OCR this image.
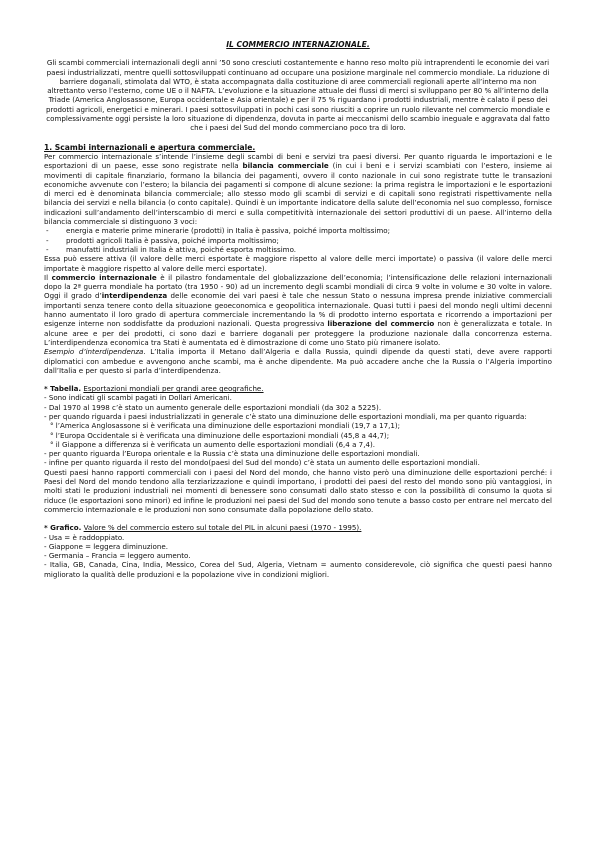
IL COMMERCIO INTERNAZIONALE.
Gli scambi commerciali internazionali degli anni ’50 sono cresciuti costantemente e hanno reso molto più intraprendenti le economie dei vari paesi industrializzati, mentre quelli sottosviluppati continuano ad occupare una posizione marginale nel commercio mondiale. La riduzione di barriere doganali, stimolata dal WTO, è stata accompagnata dalla costituzione di aree commerciali regionali aperte all’interno ma non altrettanto verso l’esterno, come UE o il NAFTA. L’evoluzione e la situazione attuale dei flussi di merci si sviluppano per 80 % all’interno della Triade (America Anglosassone, Europa occidentale e Asia orientale) e per il 75 % riguardano i prodotti industriali, mentre è calato il peso dei prodotti agricoli, energetici e minerari. I paesi sottosviluppati in pochi casi sono riusciti a coprire un ruolo rilevante nel commercio mondiale e complessivamente oggi persiste la loro situazione di dipendenza, dovuta in parte ai meccanismi dello scambio ineguale e aggravata dal fatto che i paesi del Sud del mondo commerciano poco tra di loro.
1. Scambi internazionali e apertura commerciale.
Per commercio internazionale s’intende l’insieme degli scambi di beni e servizi tra paesi diversi. Per quanto riguarda le importazioni e le esportazioni di un paese, esse sono registrate nella bilancia commerciale (in cui i beni e i servizi scambiati con l’estero, insieme ai movimenti di capitale finanziario, formano la bilancia dei pagamenti, ovvero il conto nazionale in cui sono registrate tutte le transazioni economiche avvenute con l’estero; la bilancia dei pagamenti si compone di alcune sezione: la prima registra le importazioni e le esportazioni di merci ed è denominata bilancia commerciale; allo stesso modo gli scambi di servizi e di capitali sono registrati rispettivamente nella bilancia dei servizi e nella bilancia (o conto capitale). Quindi è un importante indicatore della salute dell’economia nel suo complesso, fornisce indicazioni sull’andamento dell’interscambio di merci e sulla competitività internazionale dei settori produttivi di un paese. All’interno della bilancia commerciale si distinguono 3 voci:
- energia e materie prime minerarie (prodotti) in Italia è passiva, poiché importa moltissimo;
- prodotti agricoli Italia è passiva, poiché importa moltissimo;
- manufatti industriali in Italia è attiva, poiché esporta moltissimo.
Essa può essere attiva (il valore delle merci esportate è maggiore rispetto al valore delle merci importate) o passiva (il valore delle merci importate è maggiore rispetto al valore delle merci esportate).
Il commercio internazionale è il pilastro fondamentale del globalizzazione dell’economia; l’intensificazione delle relazioni internazionali dopo la 2ª guerra mondiale ha portato (tra 1950 - 90) ad un incremento degli scambi mondiali di circa 9 volte in volume e 30 volte in valore. Oggi il grado d’interdipendenza delle economie dei vari paesi è tale che nessun Stato o nessuna impresa prende iniziative commerciali importanti senza tenere conto della situazione geoeconomica e geopolitica internazionale. Quasi tutti i paesi del mondo negli ultimi decenni hanno aumentato il loro grado di apertura commerciale incrementando la % di prodotto interno esportata e ricorrendo a importazioni per esigenze interne non soddisfatte da produzioni nazionali. Questa progressiva liberazione del commercio non è generalizzata e totale. In alcune aree e per dei prodotti, ci sono dazi e barriere doganali per proteggere la produzione nazionale dalla concorrenza esterna. L’interdipendenza economica tra Stati è aumentata ed è dimostrazione di come uno Stato più rimanere isolato.
Esempio d’interdipendenza. L’Italia importa il Metano dall’Algeria e dalla Russia, quindi dipende da questi stati, deve avere rapporti diplomatici con ambedue e avvengono anche scambi, ma è anche dipendente. Ma può accadere anche che la Russia o l’Algeria importino dall’Italia e per questo si parla d’interdipendenza.
* Tabella. Esportazioni mondiali per grandi aree geografiche.
- Sono indicati gli scambi pagati in Dollari Americani.
- Dal 1970 al 1998 c’è stato un aumento generale delle esportazioni mondiali (da 302 a 5225).
- per quando riguarda i paesi industrializzati in generale c’è stato una diminuzione delle esportazioni mondiali, ma per quanto riguarda:
° l’America Anglosassone si è verificata una diminuzione delle esportazioni mondiali (19,7 a 17,1);
° l’Europa Occidentale si è verificata una diminuzione delle esportazioni mondiali (45,8 a 44,7);
° il Giappone a differenza si è verificata un aumento delle esportazioni mondiali (6,4 a 7,4).
- per quanto riguarda l’Europa orientale e la Russia c’è stata una diminuzione delle esportazioni mondiali.
- infine per quanto riguarda il resto del mondo(paesi del Sud del mondo) c’è stata un aumento delle esportazioni mondiali.
Questi paesi hanno rapporti commerciali con i paesi del Nord del mondo, che hanno visto però una diminuzione delle esportazioni perché: i Paesi del Nord del mondo tendono alla terziarizzazione e quindi importano, i prodotti dei paesi del resto del mondo sono più vantaggiosi, in molti stati le produzioni industriali nei momenti di benessere sono consumati dallo stato stesso e con la possibilità di consumo la quota si riduce (le esportazioni sono minori) ed infine le produzioni nei paesi del Sud del mondo sono tenute a basso costo per entrare nel mercato del commercio internazionale e le produzioni non sono consumate dalla popolazione dello stato.
* Grafico. Valore % del commercio estero sul totale del PIL in alcuni paesi (1970 - 1995).
- Usa = è raddoppiato.
- Giappone = leggera diminuzione.
- Germania – Francia = leggero aumento.
- Italia, GB, Canada, Cina, India, Messico, Corea del Sud, Algeria, Vietnam = aumento considerevole, ciò significa che questi paesi hanno migliorato la qualità delle produzioni e la popolazione vive in condizioni migliori.
